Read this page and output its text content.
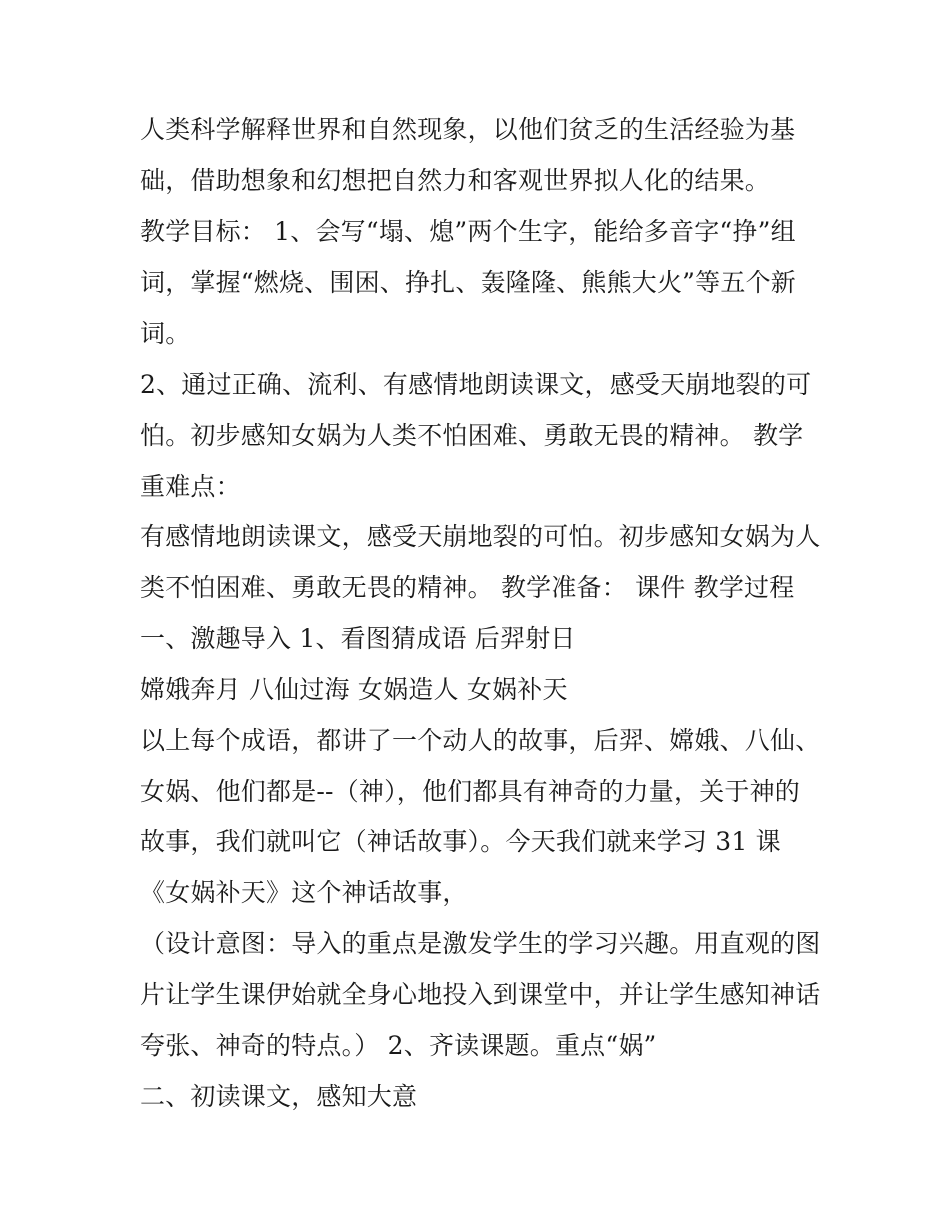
人类科学解释世界和自然现象，以他们贫乏的生活经验为基
础，借助想象和幻想把自然力和客观世界拟人化的结果。
教学目标： 1、会写“塌、熄”两个生字，能给多音字“挣”组
词，掌握“燃烧、围困、挣扎、轰隆隆、熊熊大火”等五个新
词。
2、通过正确、流利、有感情地朗读课文，感受天崩地裂的可
怕。初步感知女娲为人类不怕困难、勇敢无畏的精神。 教学
重难点：
有感情地朗读课文，感受天崩地裂的可怕。初步感知女娲为人
类不怕困难、勇敢无畏的精神。 教学准备： 课件 教学过程
一、激趣导入 1、看图猜成语 后羿射日
嫦娥奔月 八仙过海 女娲造人 女娲补天
以上每个成语，都讲了一个动人的故事，后羿、嫦娥、八仙、
女娲、他们都是--（神），他们都具有神奇的力量，关于神的
故事，我们就叫它（神话故事）。今天我们就来学习 31 课
《女娲补天》这个神话故事，
（设计意图：导入的重点是激发学生的学习兴趣。用直观的图
片让学生课伊始就全身心地投入到课堂中，并让学生感知神话
夸张、神奇的特点。） 2、齐读课题。重点“娲”
二、初读课文，感知大意
